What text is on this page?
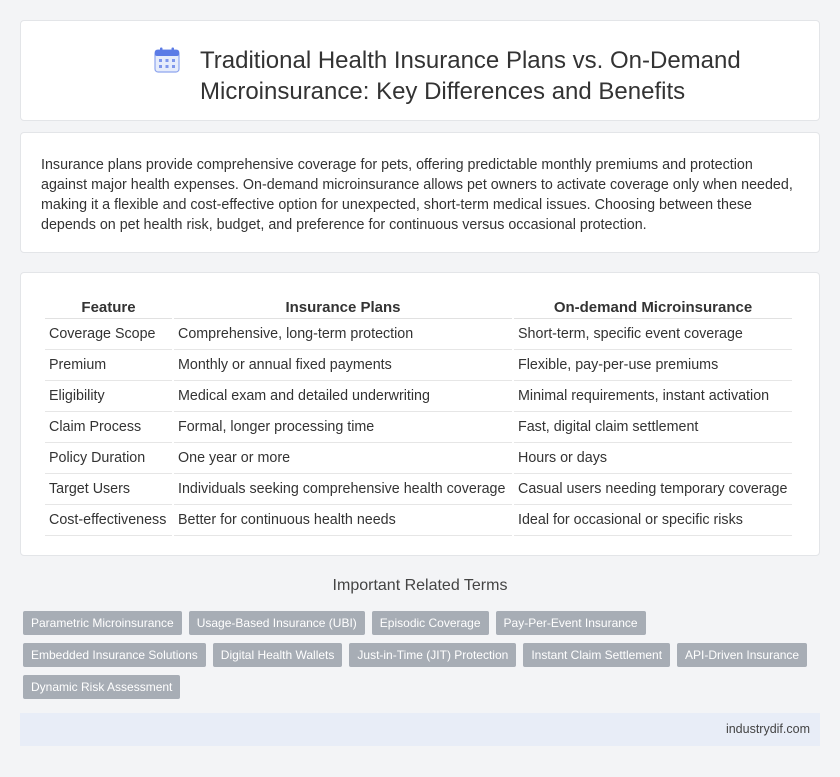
Traditional Health Insurance Plans vs. On-Demand Microinsurance: Key Differences and Benefits

Insurance plans provide comprehensive coverage for pets, offering predictable monthly premiums and protection against major health expenses. On-demand microinsurance allows pet owners to activate coverage only when needed, making it a flexible and cost-effective option for unexpected, short-term medical issues. Choosing between these depends on pet health risk, budget, and preference for continuous versus occasional protection.

Feature	Insurance Plans	On-demand Microinsurance
Coverage Scope	Comprehensive, long-term protection	Short-term, specific event coverage
Premium	Monthly or annual fixed payments	Flexible, pay-per-use premiums
Eligibility	Medical exam and detailed underwriting	Minimal requirements, instant activation
Claim Process	Formal, longer processing time	Fast, digital claim settlement
Policy Duration	One year or more	Hours or days
Target Users	Individuals seeking comprehensive health coverage	Casual users needing temporary coverage
Cost-effectiveness	Better for continuous health needs	Ideal for occasional or specific risks
Important Related Terms
Parametric Microinsurance	Usage-Based Insurance (UBI)	Episodic Coverage	Pay-Per-Event Insurance
Embedded Insurance Solutions	Digital Health Wallets	Just-in-Time (JIT) Protection	Instant Claim Settlement	API-Driven Insurance
Dynamic Risk Assessment
industrydif.com
